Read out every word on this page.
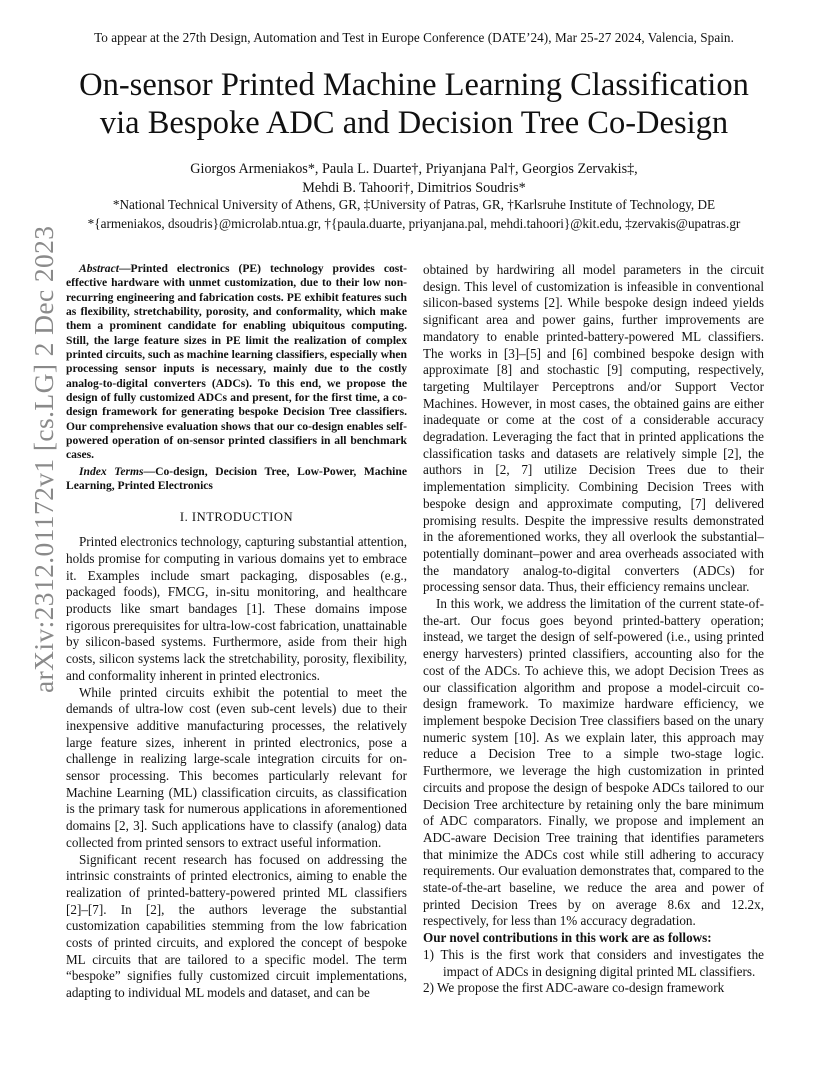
To appear at the 27th Design, Automation and Test in Europe Conference (DATE’24), Mar 25-27 2024, Valencia, Spain.
On-sensor Printed Machine Learning Classification
via Bespoke ADC and Decision Tree Co-Design
Giorgos Armeniakos*, Paula L. Duarte†, Priyanjana Pal†, Georgios Zervakis‡,
Mehdi B. Tahoori†, Dimitrios Soudris*
*National Technical University of Athens, GR, ‡University of Patras, GR, †Karlsruhe Institute of Technology, DE
*{armeniakos, dsoudris}@microlab.ntua.gr, †{paula.duarte, priyanjana.pal, mehdi.tahoori}@kit.edu, ‡zervakis@upatras.gr
arXiv:2312.01172v1 [cs.LG] 2 Dec 2023	Abstract—Printed electronics (PE) technology provides cost-effective hardware with unmet customization, due to their low non-recurring engineering and fabrication costs. PE exhibit features such as flexibility, stretchability, porosity, and conformality, which make them a prominent candidate for enabling ubiquitous computing. Still, the large feature sizes in PE limit the realization of complex printed circuits, such as machine learning classifiers, especially when processing sensor inputs is necessary, mainly due to the costly analog-to-digital converters (ADCs). To this end, we propose the design of fully customized ADCs and present, for the first time, a co-design framework for generating bespoke Decision Tree classifiers. Our comprehensive evaluation shows that our co-design enables self-powered operation of on-sensor printed classifiers in all benchmark cases.

Index Terms—Co-design, Decision Tree, Low-Power, Machine Learning, Printed Electronics

I. INTRODUCTION

Printed electronics technology, capturing substantial attention, holds promise for computing in various domains yet to embrace it. Examples include smart packaging, disposables (e.g., packaged foods), FMCG, in-situ monitoring, and healthcare products like smart bandages [1]. These domains impose rigorous prerequisites for ultra-low-cost fabrication, unattainable by silicon-based systems. Furthermore, aside from their high costs, silicon systems lack the stretchability, porosity, flexibility, and conformality inherent in printed electronics.

While printed circuits exhibit the potential to meet the demands of ultra-low cost (even sub-cent levels) due to their inexpensive additive manufacturing processes, the relatively large feature sizes, inherent in printed electronics, pose a challenge in realizing large-scale integration circuits for on-sensor processing. This becomes particularly relevant for Machine Learning (ML) classification circuits, as classification is the primary task for numerous applications in aforementioned domains [2, 3]. Such applications have to classify (analog) data collected from printed sensors to extract useful information.

Significant recent research has focused on addressing the intrinsic constraints of printed electronics, aiming to enable the realization of printed-battery-powered printed ML classifiers [2]–[7]. In [2], the authors leverage the substantial customization capabilities stemming from the low fabrication costs of printed circuits, and explored the concept of bespoke ML circuits that are tailored to a specific model. The term “bespoke” signifies fully customized circuit implementations, adapting to individual ML models and dataset, and can be

obtained by hardwiring all model parameters in the circuit design. This level of customization is infeasible in conventional silicon-based systems [2]. While bespoke design indeed yields significant area and power gains, further improvements are mandatory to enable printed-battery-powered ML classifiers. The works in [3]–[5] and [6] combined bespoke design with approximate [8] and stochastic [9] computing, respectively, targeting Multilayer Perceptrons and/or Support Vector Machines. However, in most cases, the obtained gains are either inadequate or come at the cost of a considerable accuracy degradation. Leveraging the fact that in printed applications the classification tasks and datasets are relatively simple [2], the authors in [2, 7] utilize Decision Trees due to their implementation simplicity. Combining Decision Trees with bespoke design and approximate computing, [7] delivered promising results. Despite the impressive results demonstrated in the aforementioned works, they all overlook the substantial–potentially dominant–power and area overheads associated with the mandatory analog-to-digital converters (ADCs) for processing sensor data. Thus, their efficiency remains unclear.

In this work, we address the limitation of the current state-of-the-art. Our focus goes beyond printed-battery operation; instead, we target the design of self-powered (i.e., using printed energy harvesters) printed classifiers, accounting also for the cost of the ADCs. To achieve this, we adopt Decision Trees as our classification algorithm and propose a model-circuit co-design framework. To maximize hardware efficiency, we implement bespoke Decision Tree classifiers based on the unary numeric system [10]. As we explain later, this approach may reduce a Decision Tree to a simple two-stage logic. Furthermore, we leverage the high customization in printed circuits and propose the design of bespoke ADCs tailored to our Decision Tree architecture by retaining only the bare minimum of ADC comparators. Finally, we propose and implement an ADC-aware Decision Tree training that identifies parameters that minimize the ADCs cost while still adhering to accuracy requirements. Our evaluation demonstrates that, compared to the state-of-the-art baseline, we reduce the area and power of printed Decision Trees by on average 8.6x and 12.2x, respectively, for less than 1% accuracy degradation.

Our novel contributions in this work are as follows:

1) This is the first work that considers and investigates the impact of ADCs in designing digital printed ML classifiers.

2) We propose the first ADC-aware co-design framework
